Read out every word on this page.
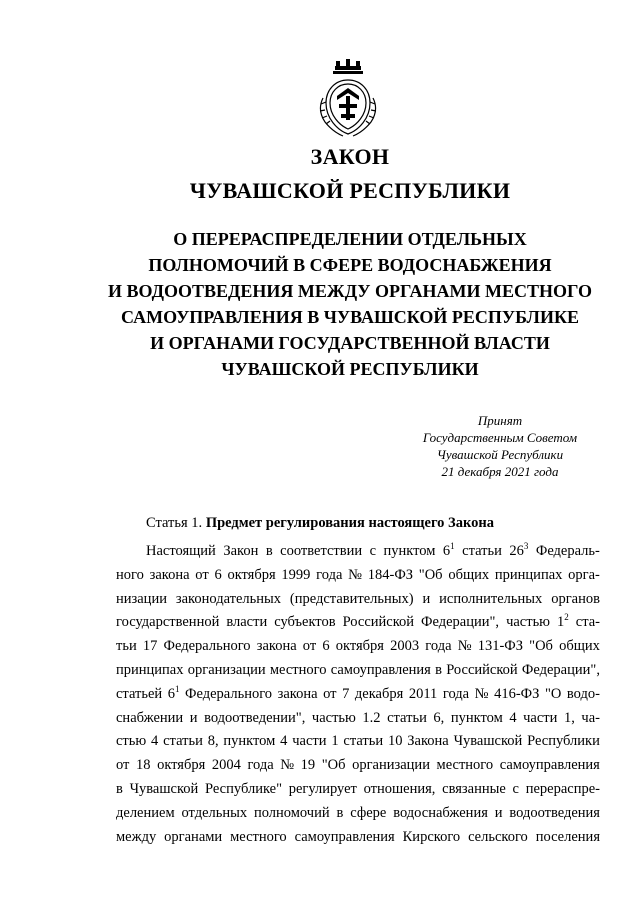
ЗАКОН
ЧУВАШСКОЙ РЕСПУБЛИКИ
О ПЕРЕРАСПРЕДЕЛЕНИИ ОТДЕЛЬНЫХ
ПОЛНОМОЧИЙ В СФЕРЕ ВОДОСНАБЖЕНИЯ
И ВОДООТВЕДЕНИЯ МЕЖДУ ОРГАНАМИ МЕСТНОГО
САМОУПРАВЛЕНИЯ В ЧУВАШСКОЙ РЕСПУБЛИКЕ
И ОРГАНАМИ ГОСУДАРСТВЕННОЙ ВЛАСТИ
ЧУВАШСКОЙ РЕСПУБЛИКИ
Принят
Государственным Советом
Чувашской Республики
21 декабря 2021 года
Статья 1. Предмет регулирования настоящего Закона
Настоящий Закон в соответствии с пунктом $6^1$ статьи $26^3$ Федераль-
ного закона от 6 октября 1999 года № 184-ФЗ "Об общих принципах орга-
низации законодательных (представительных) и исполнительных органов
государственной власти субъектов Российской Федерации", частью $1^2$ ста-
тьи 17 Федерального закона от 6 октября 2003 года № 131-ФЗ "Об общих
принципах организации местного самоуправления в Российской Федерации",
статьей $6^1$ Федерального закона от 7 декабря 2011 года № 416-ФЗ "О водо-
снабжении и водоотведении", частью 1.2 статьи 6, пунктом 4 части 1, ча-
стью 4 статьи 8, пунктом 4 части 1 статьи 10 Закона Чувашской Республики
от 18 октября 2004 года № 19 "Об организации местного самоуправления
в Чувашской Республике" регулирует отношения, связанные с перераспре-
делением отдельных полномочий в сфере водоснабжения и водоотведения
между органами местного самоуправления Кирского сельского поселения
